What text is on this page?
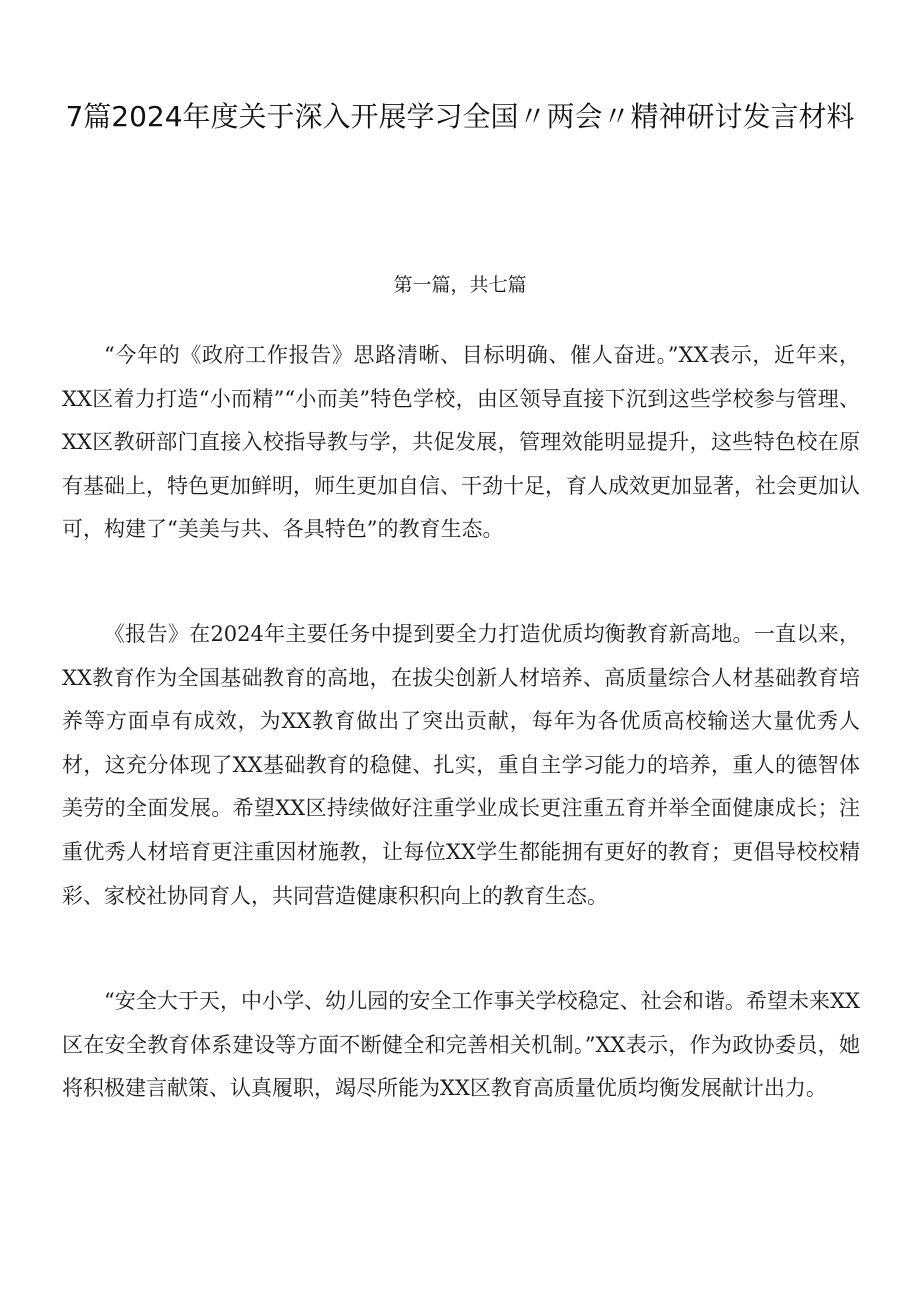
7篇2024年度关于深入开展学习全国〃两会〃精神研讨发言材料

第一篇，共七篇

“今年的《政府工作报告》思路清晰、目标明确、催人奋进。”XX表示，近年来，XX区着力打造“小而精”“小而美”特色学校，由区领导直接下沉到这些学校参与管理、XX区教研部门直接入校指导教与学，共促发展，管理效能明显提升，这些特色校在原有基础上，特色更加鲜明，师生更加自信、干劲十足，育人成效更加显著，社会更加认可，构建了“美美与共、各具特色”的教育生态。

《报告》在2024年主要任务中提到要全力打造优质均衡教育新高地。一直以来，XX教育作为全国基础教育的高地，在拔尖创新人材培养、高质量综合人材基础教育培养等方面卓有成效，为XX教育做出了突出贡献，每年为各优质高校输送大量优秀人材，这充分体现了XX基础教育的稳健、扎实，重自主学习能力的培养，重人的德智体美劳的全面发展。希望XX区持续做好注重学业成长更注重五育并举全面健康成长；注重优秀人材培育更注重因材施教，让每位XX学生都能拥有更好的教育；更倡导校校精彩、家校社协同育人，共同营造健康积积向上的教育生态。

“安全大于天，中小学、幼儿园的安全工作事关学校稳定、社会和谐。希望未来XX区在安全教育体系建设等方面不断健全和完善相关机制。”XX表示，作为政协委员，她将积极建言献策、认真履职，竭尽所能为XX区教育高质量优质均衡发展献计出力。
